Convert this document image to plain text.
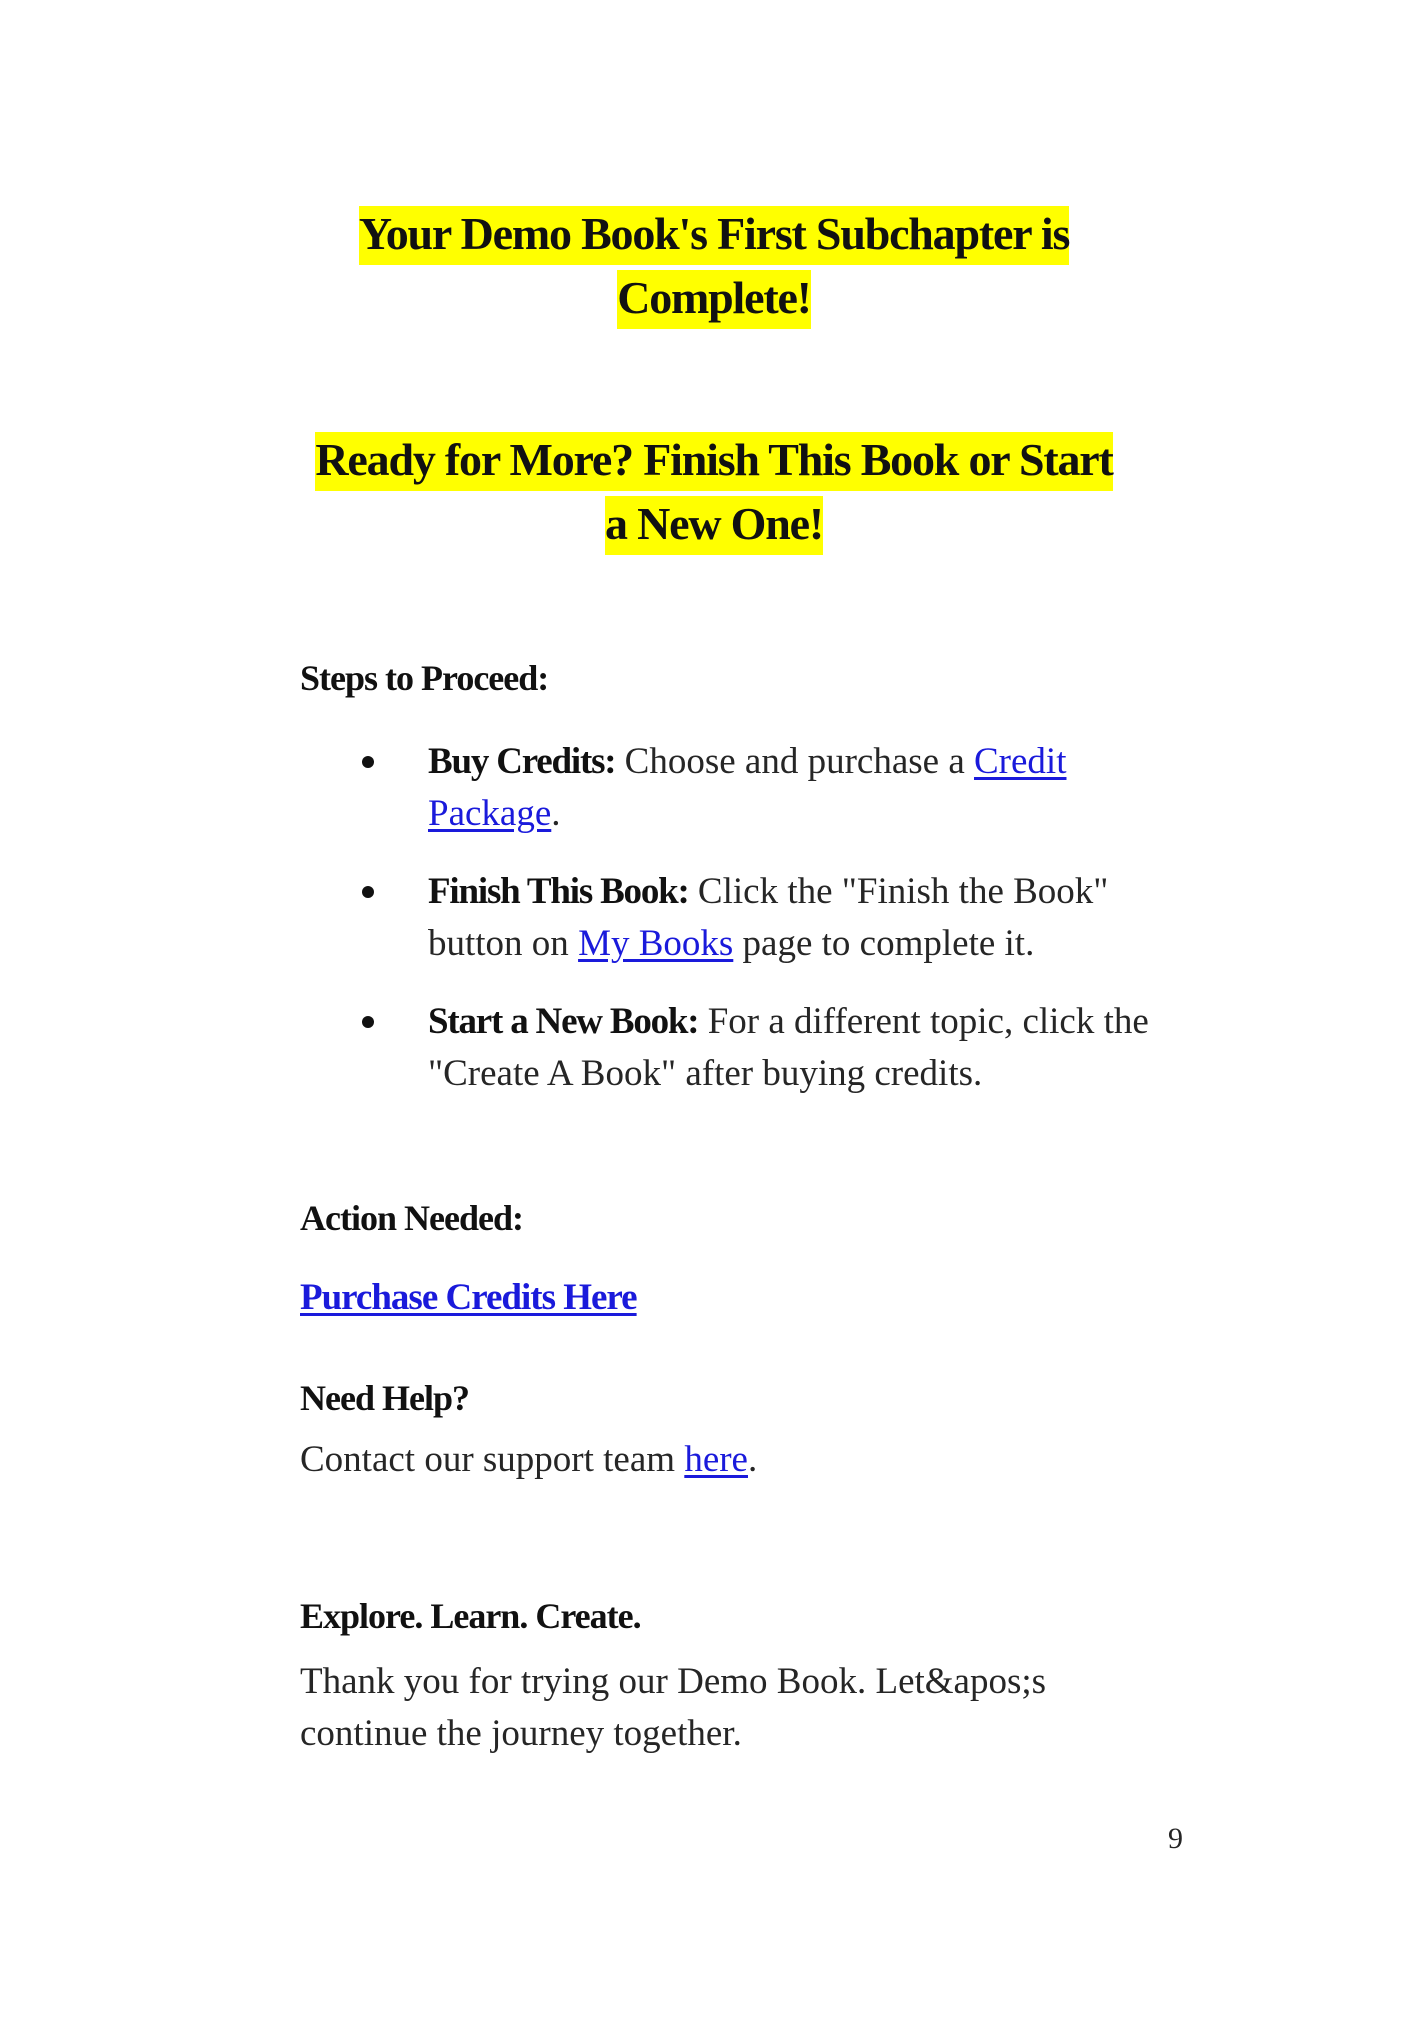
Your Demo Book's First Subchapter is
Complete!
Ready for More? Finish This Book or Start
a New One!
Steps to Proceed:
Buy Credits: Choose and purchase a Credit Package.
Finish This Book: Click the "Finish the Book" button on My Books page to complete it.
Start a New Book: For a different topic, click the "Create A Book" after buying credits.
Action Needed:
Purchase Credits Here
Need Help?
Contact our support team here.
Explore. Learn. Create.
Thank you for trying our Demo Book. Let&apos;s continue the journey together.
9
